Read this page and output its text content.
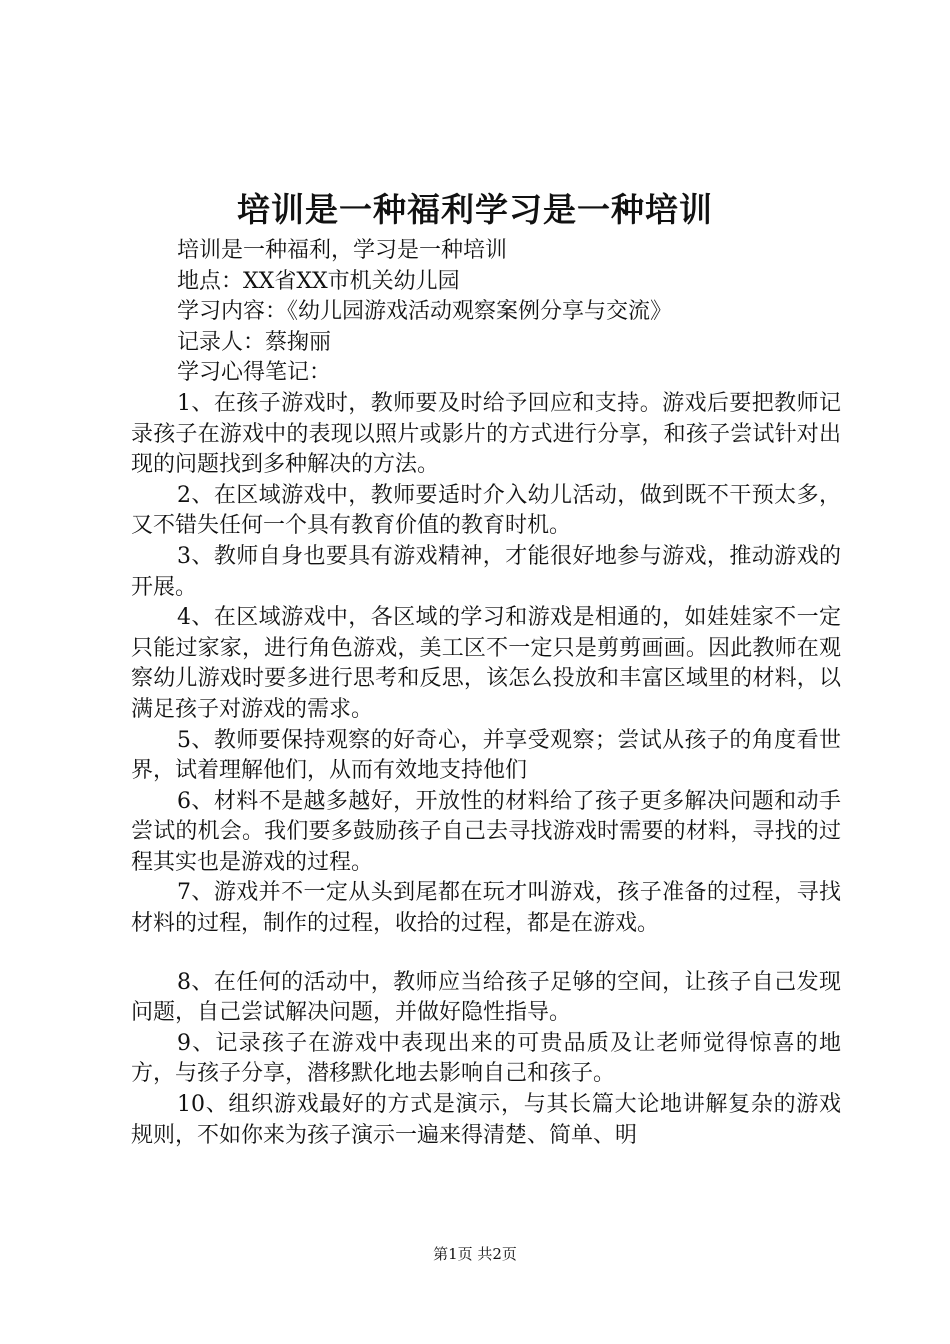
培训是一种福利学习是一种培训

培训是一种福利，学习是一种培训

地点：XX省XX市机关幼儿园

学习内容：《幼儿园游戏活动观察案例分享与交流》

记录人：蔡掬丽

学习心得笔记：

1、在孩子游戏时，教师要及时给予回应和支持。游戏后要把教师记录孩子在游戏中的表现以照片或影片的方式进行分享，和孩子尝试针对出现的问题找到多种解决的方法。

2、在区域游戏中，教师要适时介入幼儿活动，做到既不干预太多，又不错失任何一个具有教育价值的教育时机。

3、教师自身也要具有游戏精神，才能很好地参与游戏，推动游戏的开展。

4、在区域游戏中，各区域的学习和游戏是相通的，如娃娃家不一定只能过家家，进行角色游戏，美工区不一定只是剪剪画画。因此教师在观察幼儿游戏时要多进行思考和反思，该怎么投放和丰富区域里的材料，以满足孩子对游戏的需求。

5、教师要保持观察的好奇心，并享受观察；尝试从孩子的角度看世界，试着理解他们，从而有效地支持他们

6、材料不是越多越好，开放性的材料给了孩子更多解决问题和动手尝试的机会。我们要多鼓励孩子自己去寻找游戏时需要的材料，寻找的过程其实也是游戏的过程。

7、游戏并不一定从头到尾都在玩才叫游戏，孩子准备的过程，寻找材料的过程，制作的过程，收拾的过程，都是在游戏。

8、在任何的活动中，教师应当给孩子足够的空间，让孩子自己发现问题，自己尝试解决问题，并做好隐性指导。

9、记录孩子在游戏中表现出来的可贵品质及让老师觉得惊喜的地方，与孩子分享，潜移默化地去影响自己和孩子。

10、组织游戏最好的方式是演示，与其长篇大论地讲解复杂的游戏规则，不如你来为孩子演示一遍来得清楚、简单、明

第1页 共2页
